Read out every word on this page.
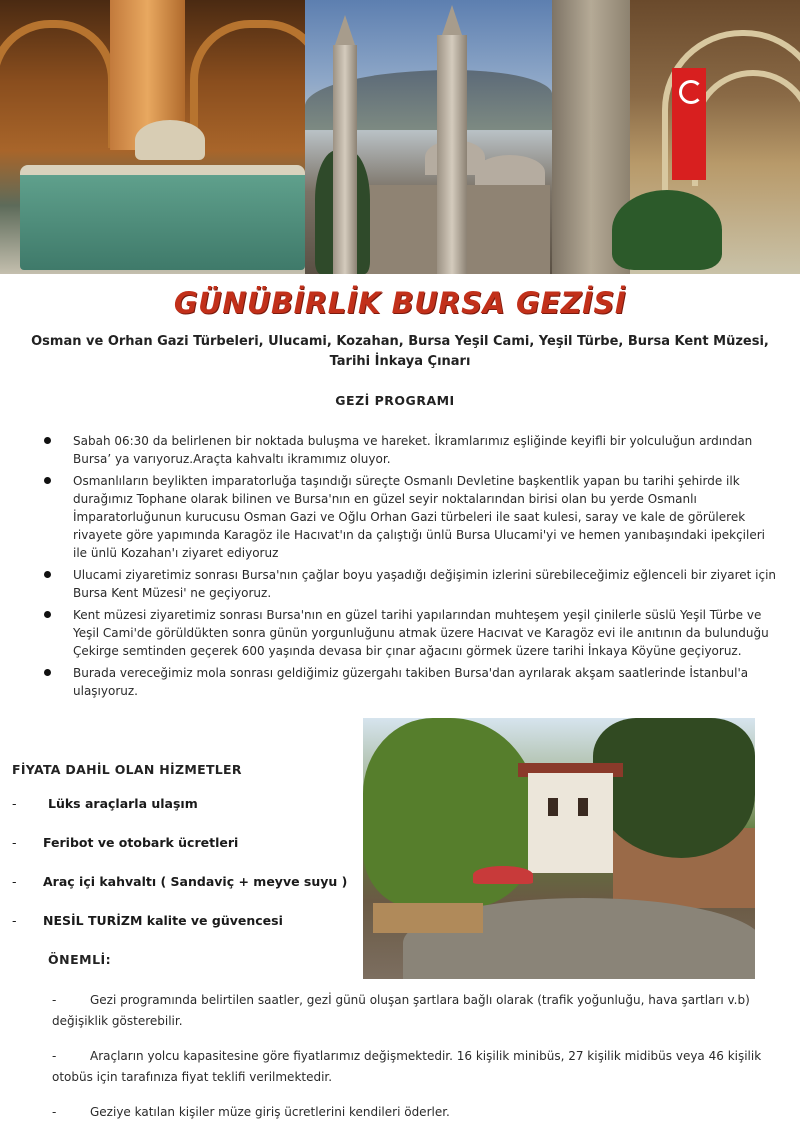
GÜNÜBİRLİK BURSA GEZİSİ
Osman ve Orhan Gazi Türbeleri, Ulucami, Kozahan, Bursa Yeşil Cami, Yeşil Türbe, Bursa Kent Müzesi, Tarihi İnkaya Çınarı
GEZİ PROGRAMI
Sabah 06:30 da belirlenen bir noktada buluşma ve hareket. İkramlarımız eşliğinde keyifli bir yolculuğun ardından Bursa’ ya varıyoruz.Araçta kahvaltı ikramımız oluyor.
Osmanlıların beylikten imparatorluğa taşındığı süreçte Osmanlı Devletine başkentlik yapan bu tarihi şehirde ilk durağımız Tophane olarak bilinen ve Bursa'nın en güzel seyir noktalarından birisi olan bu yerde Osmanlı İmparatorluğunun kurucusu Osman Gazi ve Oğlu Orhan Gazi türbeleri ile saat kulesi, saray ve kale de görülerek rivayete göre yapımında Karagöz ile Hacıvat'ın da çalıştığı ünlü Bursa Ulucami'yi ve hemen yanıbaşındaki ipekçileri ile ünlü Kozahan'ı ziyaret ediyoruz
Ulucami ziyaretimiz sonrası Bursa'nın çağlar boyu yaşadığı değişimin izlerini sürebileceğimiz eğlenceli bir ziyaret için Bursa Kent Müzesi' ne geçiyoruz.
Kent müzesi ziyaretimiz sonrası Bursa'nın en güzel tarihi yapılarından muhteşem yeşil çinilerle süslü Yeşil Türbe ve Yeşil Cami'de görüldükten sonra günün yorgunluğunu atmak üzere Hacıvat ve Karagöz evi ile anıtının da bulunduğu Çekirge semtinden geçerek 600 yaşında devasa bir çınar ağacını görmek üzere tarihi İnkaya Köyüne geçiyoruz.
Burada vereceğimiz mola sonrası geldiğimiz güzergahı takiben Bursa'dan ayrılarak akşam saatlerinde İstanbul'a ulaşıyoruz.
FİYATA DAHİL OLAN HİZMETLER
-	Lüks araçlarla ulaşım
- Feribot ve otobark ücretleri
- Araç içi kahvaltı ( Sandaviç + meyve suyu )
- NESİL TURİZM kalite ve güvencesi
ÖNEMLİ:
-	Gezi programında belirtilen saatler, gezİ günü oluşan şartlara bağlı olarak (trafik yoğunluğu, hava şartları v.b) değişiklik gösterebilir.
-	Araçların yolcu kapasitesine göre fiyatlarımız değişmektedir. 16 kişilik minibüs, 27 kişilik midibüs veya 46 kişilik otobüs için tarafınıza fiyat teklifi verilmektedir.
-	Geziye katılan kişiler müze giriş ücretlerini kendileri öderler.
